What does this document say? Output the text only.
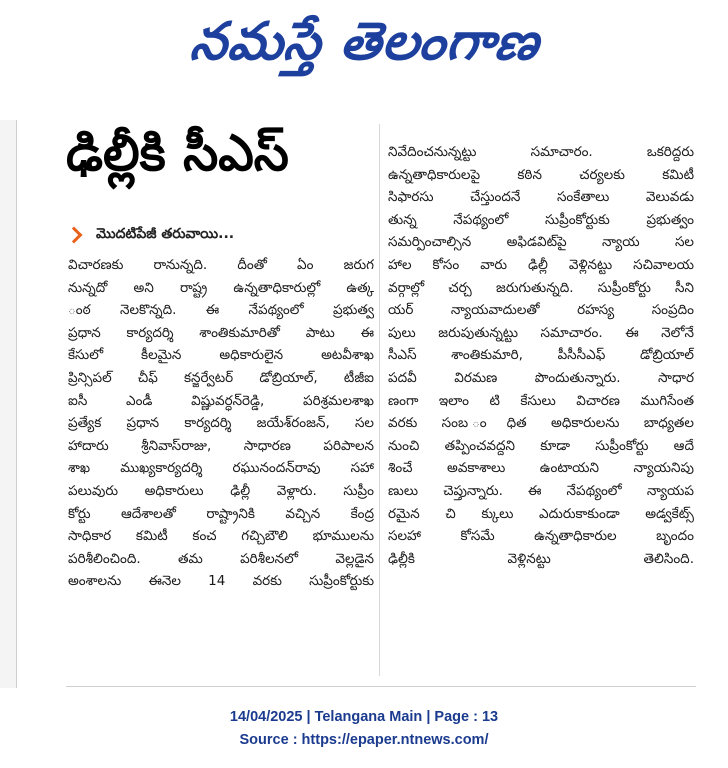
నమస్తే తెలంగాణ
ఢిల్లీకి సీఎస్
మొదటిపేజీ తరువాయి...
విచారణకు రానున్నది. దీంతో ఏం జరుగ
నున్నదో అని రాష్ట్ర ఉన్నతాధికారుల్లో ఉత్క
ంఠ నెలకొన్నది. ఈ నేపథ్యంలో ప్రభుత్వ
ప్రధాన కార్యదర్శి శాంతికుమారితో పాటు ఈ
కేసులో కీలమైన అధికారులైన అటవీశాఖ
ప్రిన్సిపల్ చీఫ్ కన్జర్వేటర్ డోబ్రియాల్, టీజీఐ
ఐసీ ఎండీ విష్ణువర్ధన్‌రెడ్డి, పరిశ్రమలశాఖ
ప్రత్యేక ప్రధాన కార్యదర్శి జయేశ్‌రంజన్, సల
హాదారు శ్రీనివాస్‌రాజు, సాధారణ పరిపాలన
శాఖ ముఖ్యకార్యదర్శి రఘునందన్‌రావు సహా
పలువురు అధికారులు ఢిల్లీ వెళ్లారు. సుప్రీం
కోర్టు ఆదేశాలతో రాష్ట్రానికి వచ్చిన కేంద్ర
సాధికార కమిటీ కంచ గచ్చిబౌలి భూములను
పరిశీలించింది. తమ పరిశీలనలో వెల్లడైన
అంశాలను ఈనెల 14 వరకు సుప్రీంకోర్టుకు
నివేదించనున్నట్టు సమాచారం. ఒకరిద్దరు
ఉన్నతాధికారులపై కఠిన చర్యలకు కమిటీ
సిఫారసు చేస్తుందనే సంకేతాలు వెలువడు
తున్న నేపథ్యంలో సుప్రీంకోర్టుకు ప్రభుత్వం
సమర్పించాల్సిన అఫిడవిట్‌పై న్యాయ సల
హాల కోసం వారు ఢిల్లీ వెళ్లినట్టు సచివాలయ
వర్గాల్లో చర్చ జరుగుతున్నది. సుప్రీంకోర్టు సీని
యర్ న్యాయవాదులతో రహస్య సంప్రదిం
పులు జరుపుతున్నట్టు సమాచారం. ఈ నెలోనే
సీఎస్ శాంతికుమారి, పీసీసీఎఫ్ డోబ్రియాల్
పదవీ విరమణ పొందుతున్నారు. సాధార
ణంగా ఇలాం టి కేసులు విచారణ ముగిసేంత
వరకు సంబ ంధిత అధికారులను బాధ్యతల
నుంచి తప్పించవద్దని కూడా సుప్రీంకోర్టు ఆదే
శించే అవకాశాలు ఉంటాయని న్యాయనిపు
ణులు చెప్తున్నారు. ఈ నేపథ్యంలో న్యాయప
రమైన చి క్కులు ఎదురుకాకుండా అడ్వకేట్స్
సలహా కోసమే ఉన్నతాధికారుల బృందం
ఢిల్లీకి వెళ్లినట్టు తెలిసింది.
14/04/2025 | Telangana Main | Page : 13
Source : https://epaper.ntnews.com/
